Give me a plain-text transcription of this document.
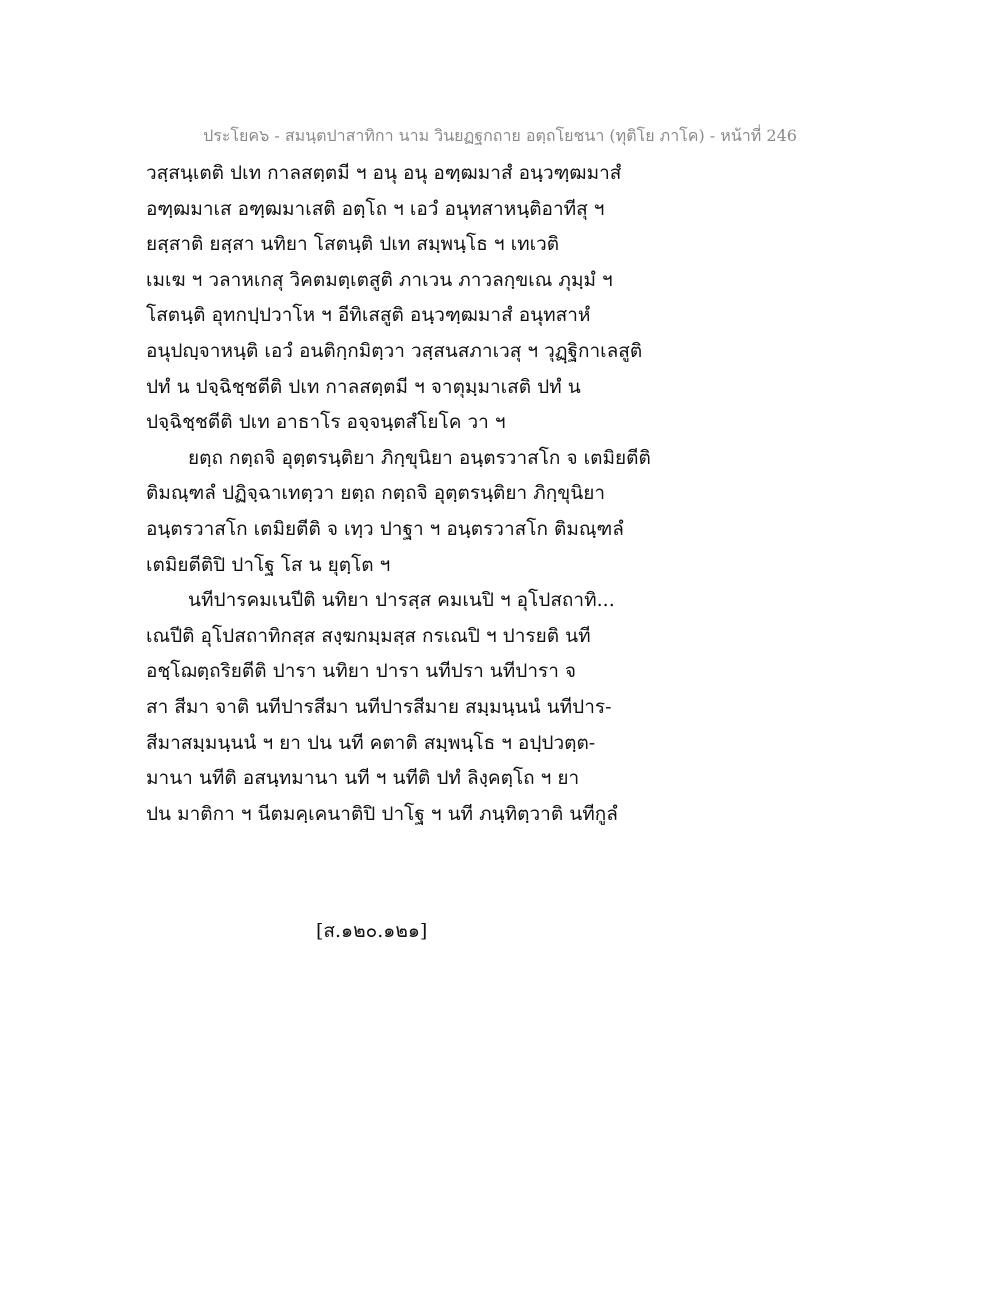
ประโยค๖ - สมนฺตปาสาทิกา นาม วินยฏฐกถาย อตฺถโยชนา (ทุติโย ภาโค) - หน้าที่ 246
วสฺสนฺเตติ ปเท กาลสตฺตมี ฯ อนุ อนุ อฑฺฒมาสํ อนฺวฑฺฒมาสํ
อฑฺฒมาเส อฑฺฒมาเสติ อตฺโถ ฯ เอวํ อนุทสาหนฺติอาทีสุ ฯ
ยสฺสาติ ยสฺสา นทิยา โสตนฺติ ปเท สมฺพนฺโธ ฯ เทเวติ
เมเฆ ฯ วลาหเกสุ วิคตมตฺเตสูติ ภาเวน ภาวลกฺขเณ ภุมฺมํ ฯ
โสตนฺติ อุทกปฺปวาโห ฯ อีทิเสสูติ อนฺวฑฺฒมาสํ อนุทสาหํ
อนุปญฺจาหนฺติ เอวํ อนติกฺกมิตฺวา วสฺสนสภาเวสุ ฯ วุฏฺฐิกาเลสูติ
ปทํ น ปจฺฉิชฺชตีติ ปเท กาลสตฺตมี ฯ จาตุมฺมาเสติ ปทํ น
ปจฺฉิชฺชตีติ ปเท อาธาโร อจฺจนฺตสํโยโค วา ฯ
ยตฺถ กตฺถจิ อุตฺตรนฺติยา ภิกฺขุนิยา อนฺตรวาสโก จ เตมิยตีติ
ติมณฺฑลํ ปฏิจฺฉาเทตฺวา ยตฺถ กตฺถจิ อุตฺตรนฺติยา ภิกฺขุนิยา
อนฺตรวาสโก เตมิยตีติ จ เทฺว ปาฐา ฯ อนฺตรวาสโก ติมณฺฑลํ
เตมิยตีติปิ ปาโฐ โส น ยุตฺโต ฯ
นทีปารคมเนปีติ นทิยา ปารสฺส คมเนปิ ฯ อุโปสถาทิ...
เณปีติ อุโปสถาทิกสฺส สงฺฆกมฺมสฺส กรเณปิ ฯ ปารยติ นที
อชฺโฌตฺถริยตีติ ปารา นทิยา ปารา นทีปรา นทีปารา จ
สา สีมา จาติ นทีปารสีมา นทีปารสีมาย สมฺมนฺนนํ นทีปาร-
สีมาสมฺมนฺนนํ ฯ ยา ปน นที คตาติ สมฺพนฺโธ ฯ อปฺปวตฺต-
มานา นทีติ อสนฺทมานา นที ฯ นทีติ ปทํ ลิงฺคตฺโถ ฯ ยา
ปน มาติกา ฯ นีตมคฺเคนาติปิ ปาโฐ ฯ นที ภนฺทิตฺวาติ นทีกูลํ
[ส.๑๒๐.๑๒๑]
